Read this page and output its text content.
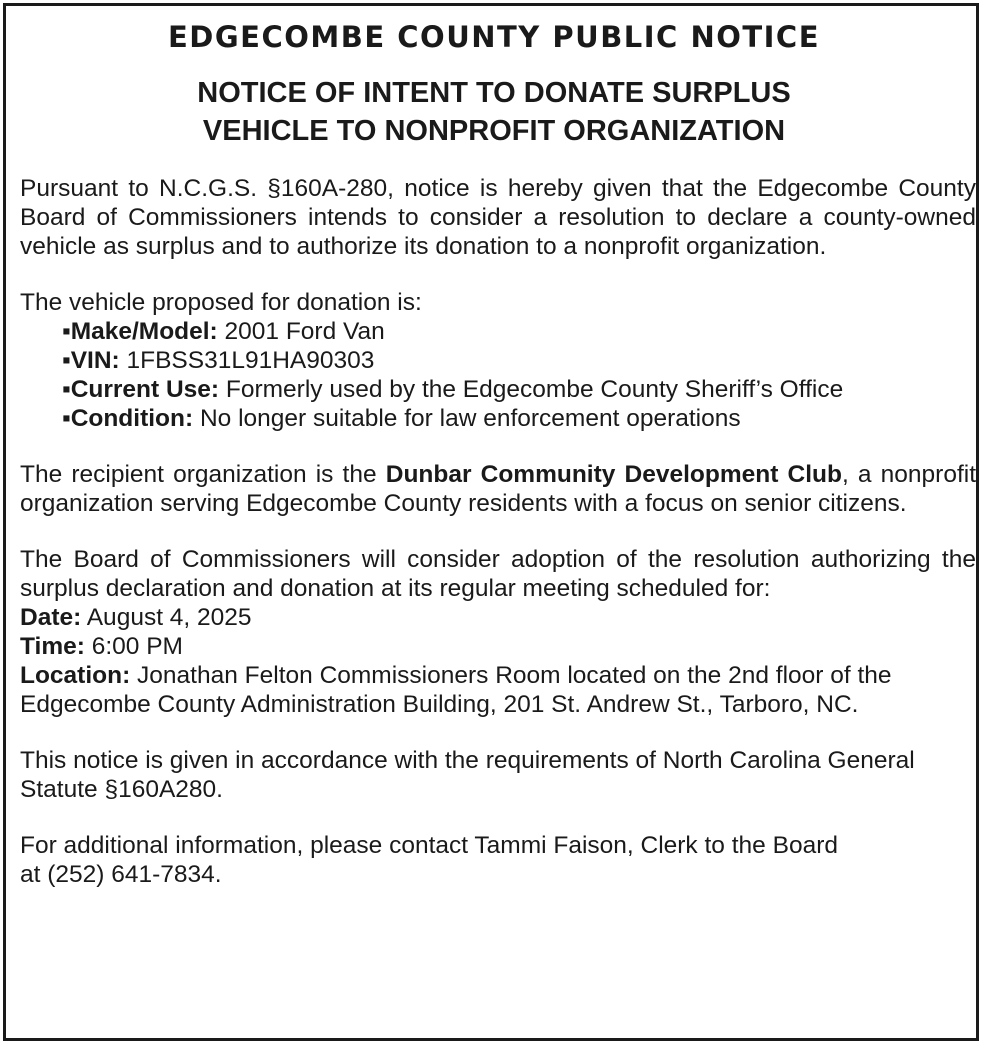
EDGECOMBE COUNTY PUBLIC NOTICE
NOTICE OF INTENT TO DONATE SURPLUS
VEHICLE TO NONPROFIT ORGANIZATION

Pursuant to N.C.G.S. §160A-280, notice is hereby given that the Edgecombe County Board of Commissioners intends to consider a resolution to declare a county-owned vehicle as surplus and to authorize its donation to a nonprofit organization.

The vehicle proposed for donation is:
▪Make/Model: 2001 Ford Van
▪VIN: 1FBSS31L91HA90303
▪Current Use: Formerly used by the Edgecombe County Sheriff’s Office
▪Condition: No longer suitable for law enforcement operations

The recipient organization is the Dunbar Community Development Club, a nonprofit organization serving Edgecombe County residents with a focus on senior citizens.

The Board of Commissioners will consider adoption of the resolution authorizing the surplus declaration and donation at its regular meeting scheduled for:
Date: August 4, 2025
Time: 6:00 PM
Location: Jonathan Felton Commissioners Room located on the 2nd floor of the Edgecombe County Administration Building, 201 St. Andrew St., Tarboro, NC.

This notice is given in accordance with the requirements of North Carolina General Statute §160A280.

For additional information, please contact Tammi Faison, Clerk to the Board
at (252) 641-7834.
